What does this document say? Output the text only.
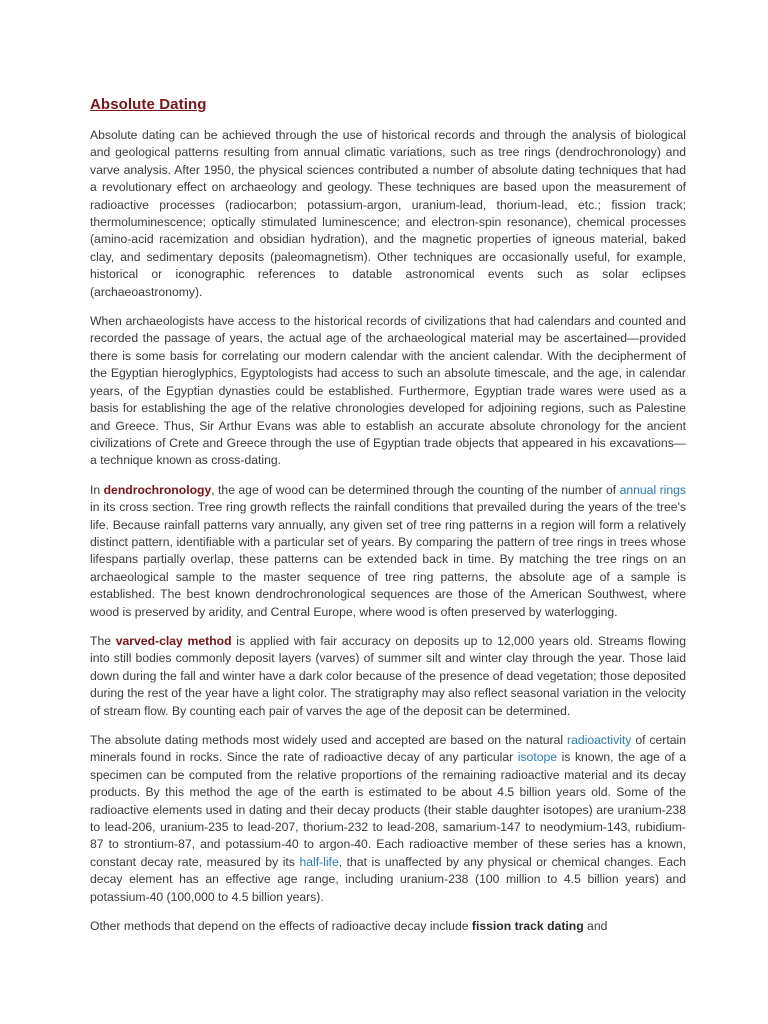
Absolute Dating

Absolute dating can be achieved through the use of historical records and through the analysis of biological and geological patterns resulting from annual climatic variations, such as tree rings (dendrochronology) and varve analysis. After 1950, the physical sciences contributed a number of absolute dating techniques that had a revolutionary effect on archaeology and geology. These techniques are based upon the measurement of radioactive processes (radiocarbon; potassium-argon, uranium-lead, thorium-lead, etc.; fission track; thermoluminescence; optically stimulated luminescence; and electron-spin resonance), chemical processes (amino-acid racemization and obsidian hydration), and the magnetic properties of igneous material, baked clay, and sedimentary deposits (paleomagnetism). Other techniques are occasionally useful, for example, historical or iconographic references to datable astronomical events such as solar eclipses (archaeoastronomy).

When archaeologists have access to the historical records of civilizations that had calendars and counted and recorded the passage of years, the actual age of the archaeological material may be ascertained—provided there is some basis for correlating our modern calendar with the ancient calendar. With the decipherment of the Egyptian hieroglyphics, Egyptologists had access to such an absolute timescale, and the age, in calendar years, of the Egyptian dynasties could be established. Furthermore, Egyptian trade wares were used as a basis for establishing the age of the relative chronologies developed for adjoining regions, such as Palestine and Greece. Thus, Sir Arthur Evans was able to establish an accurate absolute chronology for the ancient civilizations of Crete and Greece through the use of Egyptian trade objects that appeared in his excavations—a technique known as cross-dating.

In dendrochronology, the age of wood can be determined through the counting of the number of annual rings in its cross section. Tree ring growth reflects the rainfall conditions that prevailed during the years of the tree's life. Because rainfall patterns vary annually, any given set of tree ring patterns in a region will form a relatively distinct pattern, identifiable with a particular set of years. By comparing the pattern of tree rings in trees whose lifespans partially overlap, these patterns can be extended back in time. By matching the tree rings on an archaeological sample to the master sequence of tree ring patterns, the absolute age of a sample is established. The best known dendrochronological sequences are those of the American Southwest, where wood is preserved by aridity, and Central Europe, where wood is often preserved by waterlogging.

The varved-clay method is applied with fair accuracy on deposits up to 12,000 years old. Streams flowing into still bodies commonly deposit layers (varves) of summer silt and winter clay through the year. Those laid down during the fall and winter have a dark color because of the presence of dead vegetation; those deposited during the rest of the year have a light color. The stratigraphy may also reflect seasonal variation in the velocity of stream flow. By counting each pair of varves the age of the deposit can be determined.

The absolute dating methods most widely used and accepted are based on the natural radioactivity of certain minerals found in rocks. Since the rate of radioactive decay of any particular isotope is known, the age of a specimen can be computed from the relative proportions of the remaining radioactive material and its decay products. By this method the age of the earth is estimated to be about 4.5 billion years old. Some of the radioactive elements used in dating and their decay products (their stable daughter isotopes) are uranium-238 to lead-206, uranium-235 to lead-207, thorium-232 to lead-208, samarium-147 to neodymium-143, rubidium-87 to strontium-87, and potassium-40 to argon-40. Each radioactive member of these series has a known, constant decay rate, measured by its half-life, that is unaffected by any physical or chemical changes. Each decay element has an effective age range, including uranium-238 (100 million to 4.5 billion years) and potassium-40 (100,000 to 4.5 billion years).

Other methods that depend on the effects of radioactive decay include fission track dating and
